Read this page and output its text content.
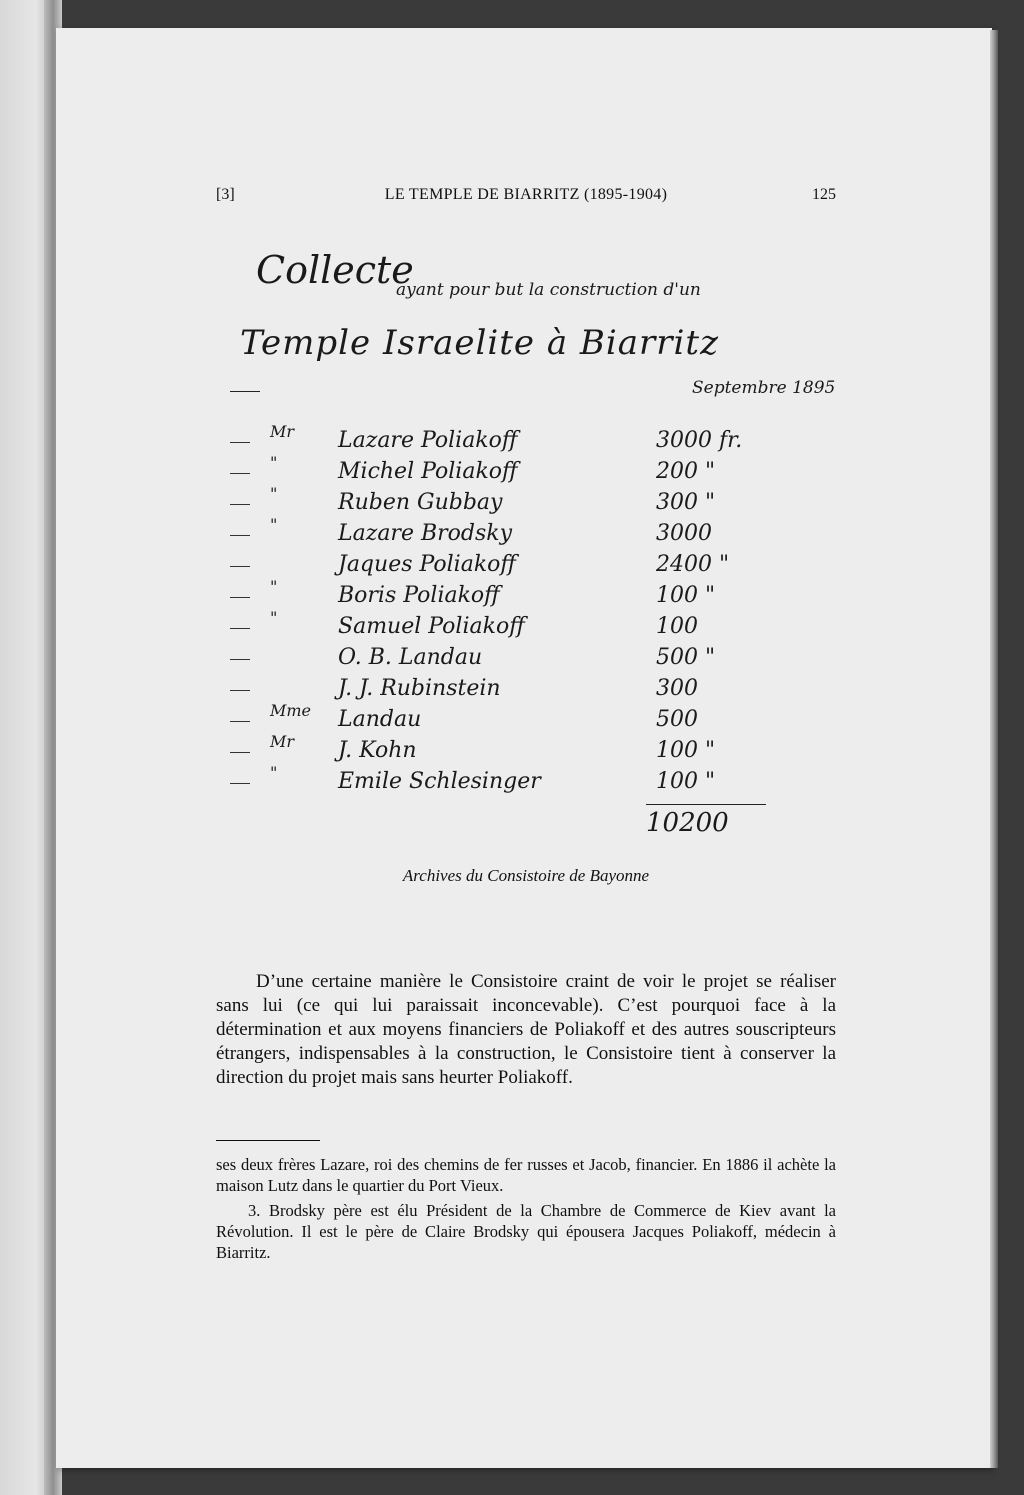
[3]	LE TEMPLE DE BIARRITZ (1895-1904)	125
Collecte
ayant pour but la construction d'un
Temple Israelite à Biarritz
Septembre 1895
Mr Lazare Poliakoff	3000 fr.
"	Michel Poliakoff	200 "
"	Ruben Gubbay	300 "
"	Lazare Brodsky	3000
Jaques Poliakoff	2400 "
"	Boris Poliakoff	100 "
"	Samuel Poliakoff	100
O. B. Landau	500 "
J. J. Rubinstein	300
Mme Landau	500
Mr J. Kohn	100 "
"	Emile Schlesinger	100 "
10200
Archives du Consistoire de Bayonne

D’une certaine manière le Consistoire craint de voir le projet se réaliser sans lui (ce qui lui paraissait inconcevable). C’est pourquoi face à la détermination et aux moyens financiers de Poliakoff et des autres souscripteurs étrangers, indispensables à la construction, le Consistoire tient à conserver la direction du projet mais sans heurter Poliakoff.

ses deux frères Lazare, roi des chemins de fer russes et Jacob, financier. En 1886 il achète la maison Lutz dans le quartier du Port Vieux.

3. Brodsky père est élu Président de la Chambre de Commerce de Kiev avant la Révolution. Il est le père de Claire Brodsky qui épousera Jacques Poliakoff, médecin à Biarritz.
